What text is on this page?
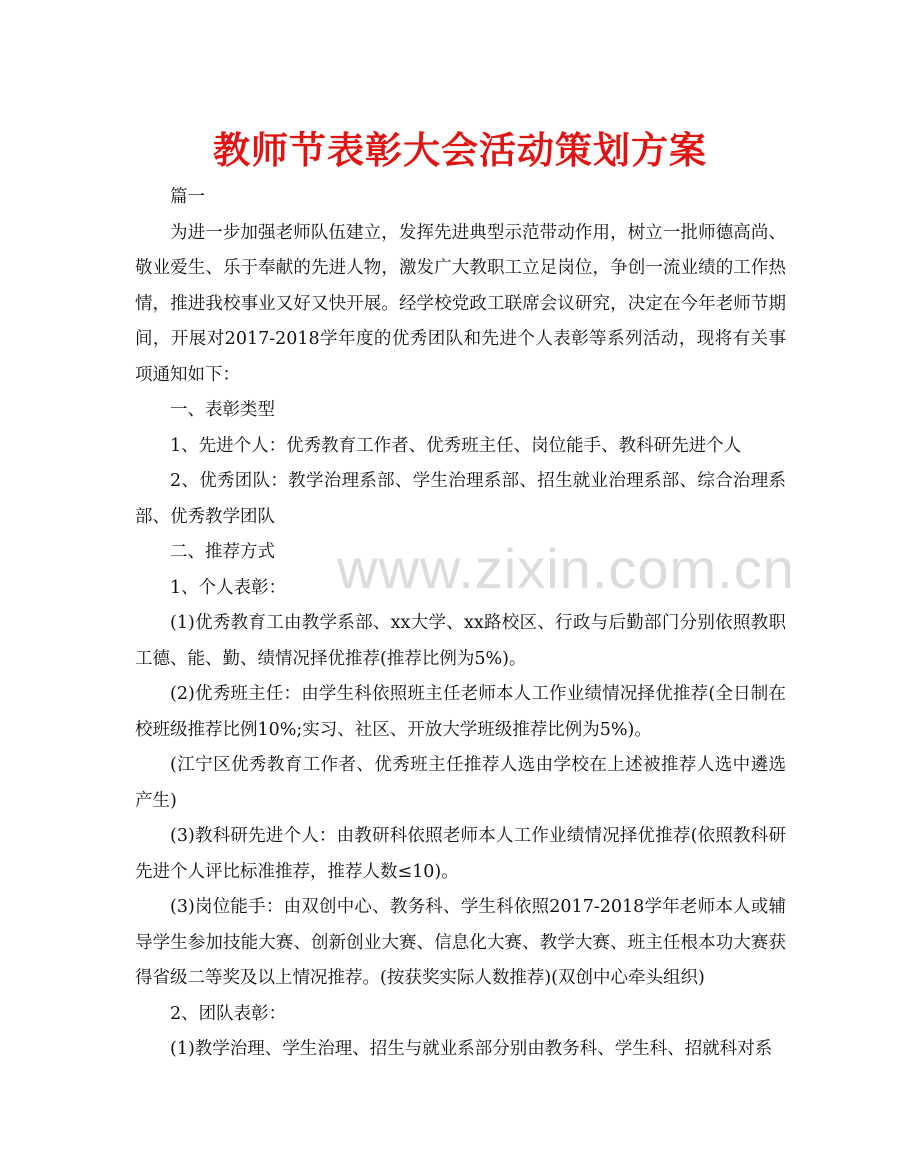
教师节表彰大会活动策划方案

篇一

为进一步加强老师队伍建立，发挥先进典型示范带动作用，树立一批师德高尚、敬业爱生、乐于奉献的先进人物，激发广大教职工立足岗位，争创一流业绩的工作热情，推进我校事业又好又快开展。经学校党政工联席会议研究，决定在今年老师节期间，开展对2017-2018学年度的优秀团队和先进个人表彰等系列活动，现将有关事项通知如下：

一、表彰类型

1、先进个人：优秀教育工作者、优秀班主任、岗位能手、教科研先进个人

2、优秀团队：教学治理系部、学生治理系部、招生就业治理系部、综合治理系部、优秀教学团队

二、推荐方式

1、个人表彰：

(1)优秀教育工由教学系部、xx大学、xx路校区、行政与后勤部门分别依照教职工德、能、勤、绩情况择优推荐(推荐比例为5%)。

(2)优秀班主任：由学生科依照班主任老师本人工作业绩情况择优推荐(全日制在校班级推荐比例10%;实习、社区、开放大学班级推荐比例为5%)。

(江宁区优秀教育工作者、优秀班主任推荐人选由学校在上述被推荐人选中遴选产生)

(3)教科研先进个人：由教研科依照老师本人工作业绩情况择优推荐(依照教科研先进个人评比标准推荐，推荐人数≤10)。

(3)岗位能手：由双创中心、教务科、学生科依照2017-2018学年老师本人或辅导学生参加技能大赛、创新创业大赛、信息化大赛、教学大赛、班主任根本功大赛获得省级二等奖及以上情况推荐。(按获奖实际人数推荐)(双创中心牵头组织)

2、团队表彰：

(1)教学治理、学生治理、招生与就业系部分别由教务科、学生科、招就科对系

www.zixin.com.cn
